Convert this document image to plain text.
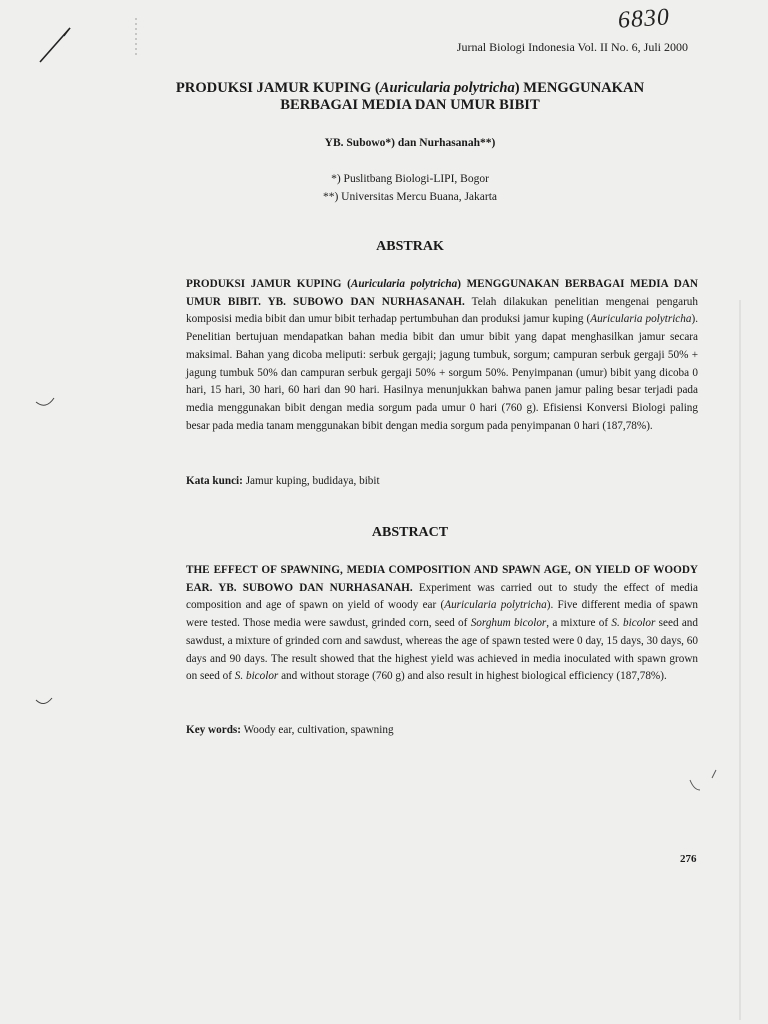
6830
Jurnal Biologi Indonesia Vol. II No. 6, Juli 2000

PRODUKSI JAMUR KUPING (Auricularia polytricha) MENGGUNAKAN

BERBAGAI MEDIA DAN UMUR BIBIT

YB. Subowo*) dan Nurhasanah**)

*) Puslitbang Biologi-LIPI, Bogor

**) Universitas Mercu Buana, Jakarta

ABSTRAK
PRODUKSI JAMUR KUPING (Auricularia polytricha) MENGGUNAKAN BERBAGAI MEDIA DAN UMUR BIBIT. YB. SUBOWO DAN NURHASANAH. Telah dilakukan penelitian mengenai pengaruh komposisi media bibit dan umur bibit terhadap pertumbuhan dan produksi jamur kuping (Auricularia polytricha). Penelitian bertujuan mendapatkan bahan media bibit dan umur bibit yang dapat menghasilkan jamur secara maksimal. Bahan yang dicoba meliputi: serbuk gergaji; jagung tumbuk, sorgum; campuran serbuk gergaji 50% + jagung tumbuk 50% dan campuran serbuk gergaji 50% + sorgum 50%. Penyimpanan (umur) bibit yang dicoba 0 hari, 15 hari, 30 hari, 60 hari dan 90 hari. Hasilnya menunjukkan bahwa panen jamur paling besar terjadi pada media menggunakan bibit dengan media sorgum pada umur 0 hari (760 g). Efisiensi Konversi Biologi paling besar pada media tanam menggunakan bibit dengan media sorgum pada penyimpanan 0 hari (187,78%).
Kata kunci: Jamur kuping, budidaya, bibit
ABSTRACT
THE EFFECT OF SPAWNING, MEDIA COMPOSITION AND SPAWN AGE, ON YIELD OF WOODY EAR. YB. SUBOWO DAN NURHASANAH. Experiment was carried out to study the effect of media composition and age of spawn on yield of woody ear (Auricularia polytricha). Five different media of spawn were tested. Those media were sawdust, grinded corn, seed of Sorghum bicolor, a mixture of S. bicolor seed and sawdust, a mixture of grinded corn and sawdust, whereas the age of spawn tested were 0 day, 15 days, 30 days, 60 days and 90 days. The result showed that the highest yield was achieved in media inoculated with spawn grown on seed of S. bicolor and without storage (760 g) and also result in highest biological efficiency (187,78%).
Key words: Woody ear, cultivation, spawning
276
